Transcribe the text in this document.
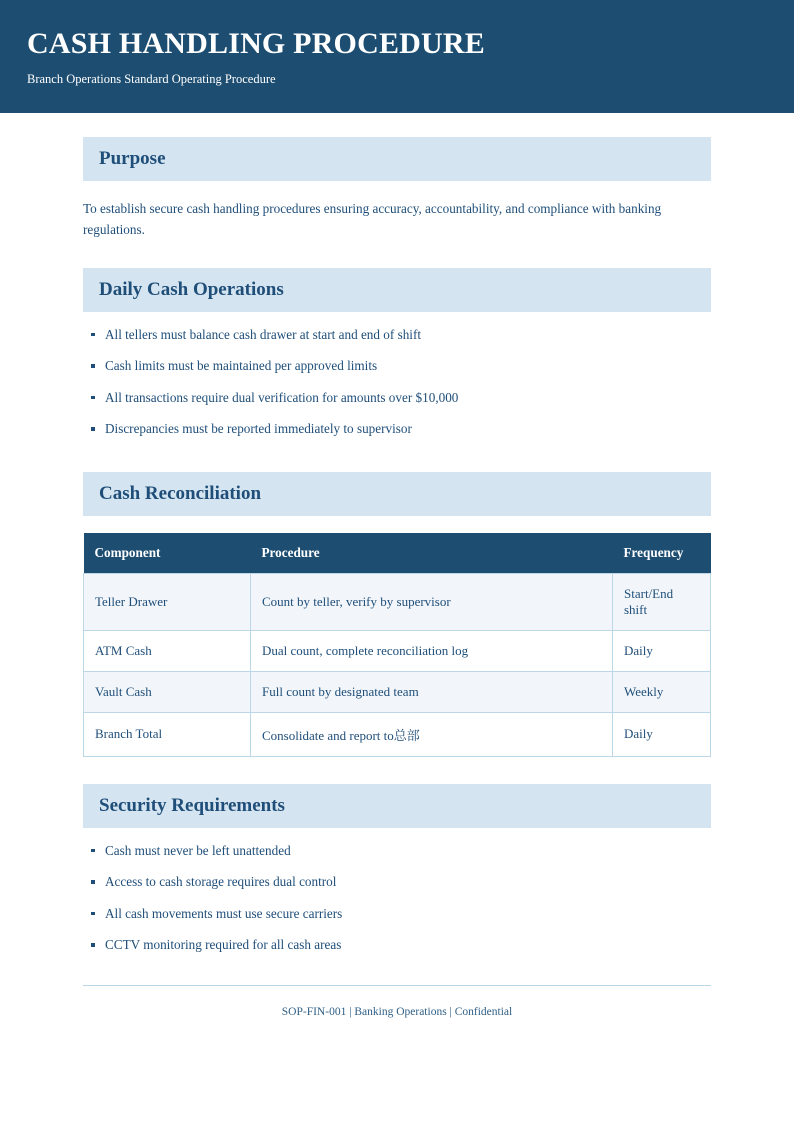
CASH HANDLING PROCEDURE

Branch Operations Standard Operating Procedure

Purpose

To establish secure cash handling procedures ensuring accuracy, accountability, and compliance with banking regulations.

Daily Cash Operations
All tellers must balance cash drawer at start and end of shift
Cash limits must be maintained per approved limits
All transactions require dual verification for amounts over $10,000
Discrepancies must be reported immediately to supervisor
Cash Reconciliation
Component	Procedure	Frequency
Teller Drawer	Count by teller, verify by supervisor	Start/End shift
ATM Cash	Dual count, complete reconciliation log	Daily
Vault Cash	Full count by designated team	Weekly
Branch Total	Consolidate and report to总部	Daily
Security Requirements
Cash must never be left unattended
Access to cash storage requires dual control
All cash movements must use secure carriers
CCTV monitoring required for all cash areas
SOP-FIN-001 | Banking Operations | Confidential
